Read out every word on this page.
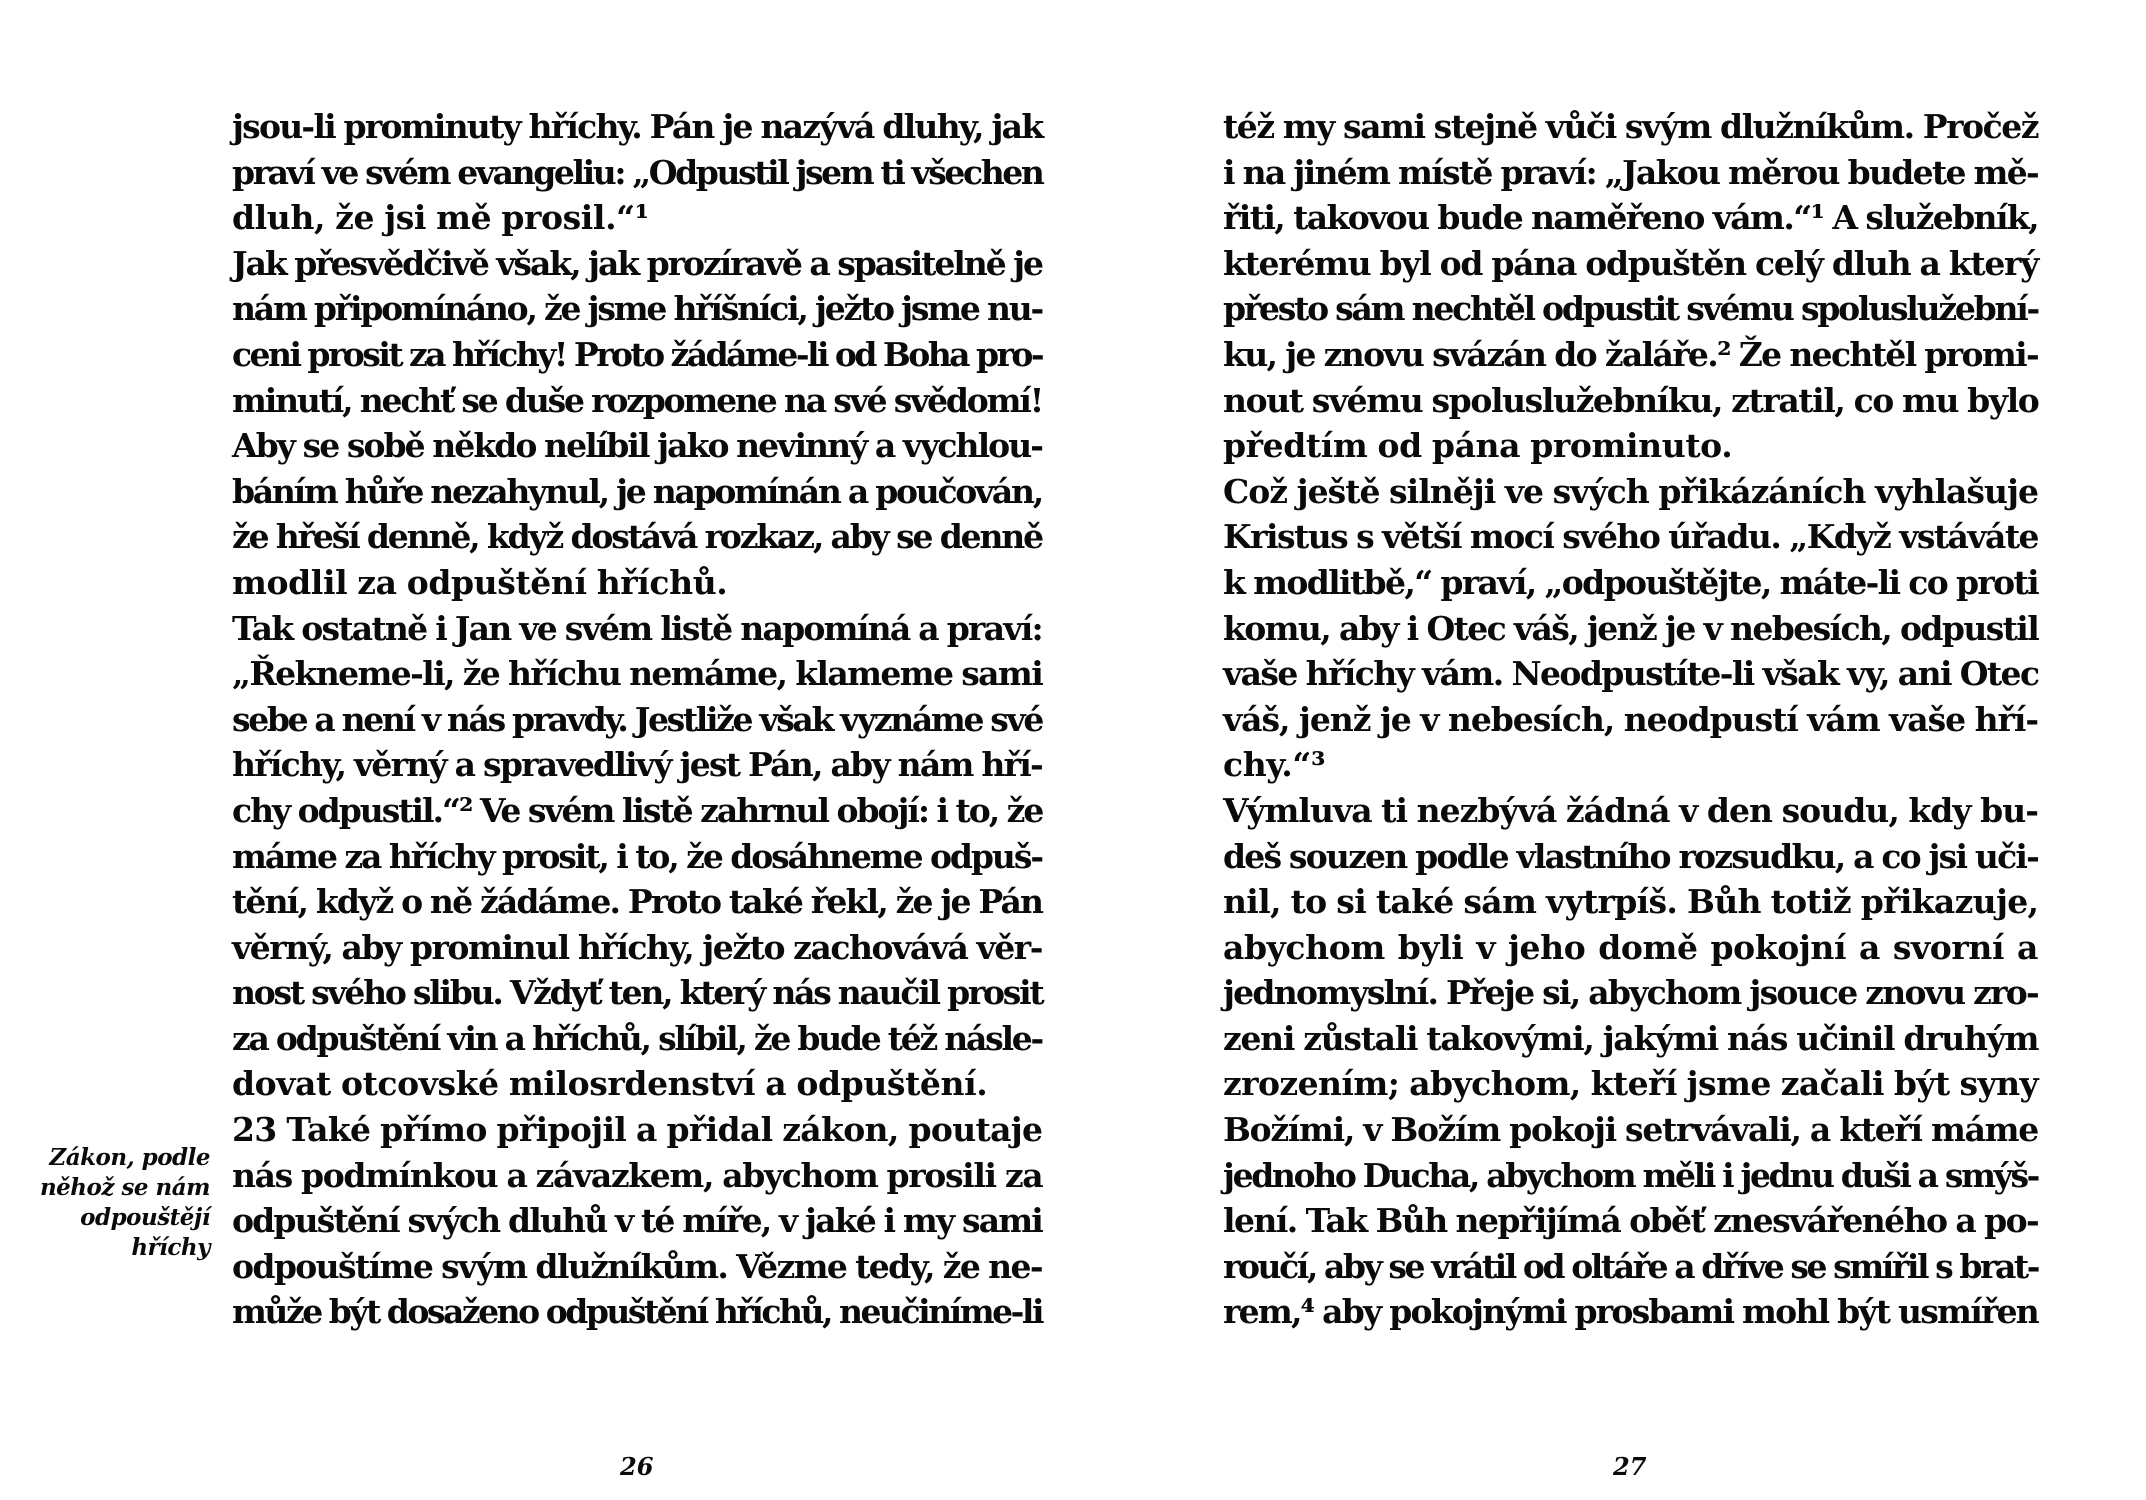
jsou-li prominuty hříchy. Pán je nazývá dluhy, jak
praví ve svém evangeliu: „Odpustil jsem ti všechen
dluh, že jsi mě prosil.“¹
Jak přesvědčivě však, jak prozíravě a spasitelně je
nám připomínáno, že jsme hříšníci, ježto jsme nu-
ceni prosit za hříchy! Proto žádáme-li od Boha pro-
minutí, nechť se duše rozpomene na své svědomí!
Aby se sobě někdo nelíbil jako nevinný a vychlou-
báním hůře nezahynul, je napomínán a poučován,
že hřeší denně, když dostává rozkaz, aby se denně
modlil za odpuštění hříchů.
Tak ostatně i Jan ve svém listě napomíná a praví:
„Řekneme-li, že hříchu nemáme, klameme sami
sebe a není v nás pravdy. Jestliže však vyznáme své
hříchy, věrný a spravedlivý jest Pán, aby nám hří-
chy odpustil.“² Ve svém listě zahrnul obojí: i to, že
máme za hříchy prosit, i to, že dosáhneme odpuš-
tění, když o ně žádáme. Proto také řekl, že je Pán
věrný, aby prominul hříchy, ježto zachovává věr-
nost svého slibu. Vždyť ten, který nás naučil prosit
za odpuštění vin a hříchů, slíbil, že bude též násle-
dovat otcovské milosrdenství a odpuštění.
23 Také přímo připojil a přidal zákon, poutaje
nás podmínkou a závazkem, abychom prosili za
odpuštění svých dluhů v té míře, v jaké i my sami
odpouštíme svým dlužníkům. Vězme tedy, že ne-
může být dosaženo odpuštění hříchů, neučiníme-li
Zákon, podle
něhož se nám
odpouštějí
hříchy
26
též my sami stejně vůči svým dlužníkům. Pročež
i na jiném místě praví: „Jakou měrou budete mě-
řiti, takovou bude naměřeno vám.“¹ A služebník,
kterému byl od pána odpuštěn celý dluh a který
přesto sám nechtěl odpustit svému spoluslužební-
ku, je znovu svázán do žaláře.² Že nechtěl promi-
nout svému spoluslužebníku, ztratil, co mu bylo
předtím od pána prominuto.
Což ještě silněji ve svých přikázáních vyhlašuje
Kristus s větší mocí svého úřadu. „Když vstáváte
k modlitbě,“ praví, „odpouštějte, máte-li co proti
komu, aby i Otec váš, jenž je v nebesích, odpustil
vaše hříchy vám. Neodpustíte-li však vy, ani Otec
váš, jenž je v nebesích, neodpustí vám vaše hří-
chy.“³
Výmluva ti nezbývá žádná v den soudu, kdy bu-
deš souzen podle vlastního rozsudku, a co jsi uči-
nil, to si také sám vytrpíš. Bůh totiž přikazuje,
abychom byli v jeho domě pokojní a svorní a
jednomyslní. Přeje si, abychom jsouce znovu zro-
zeni zůstali takovými, jakými nás učinil druhým
zrozením; abychom, kteří jsme začali být syny
Božími, v Božím pokoji setrvávali, a kteří máme
jednoho Ducha, abychom měli i jednu duši a smýš-
lení. Tak Bůh nepřijímá oběť znesvářeného a po-
roučí, aby se vrátil od oltáře a dříve se smířil s brat-
rem,⁴ aby pokojnými prosbami mohl být usmířen
27
